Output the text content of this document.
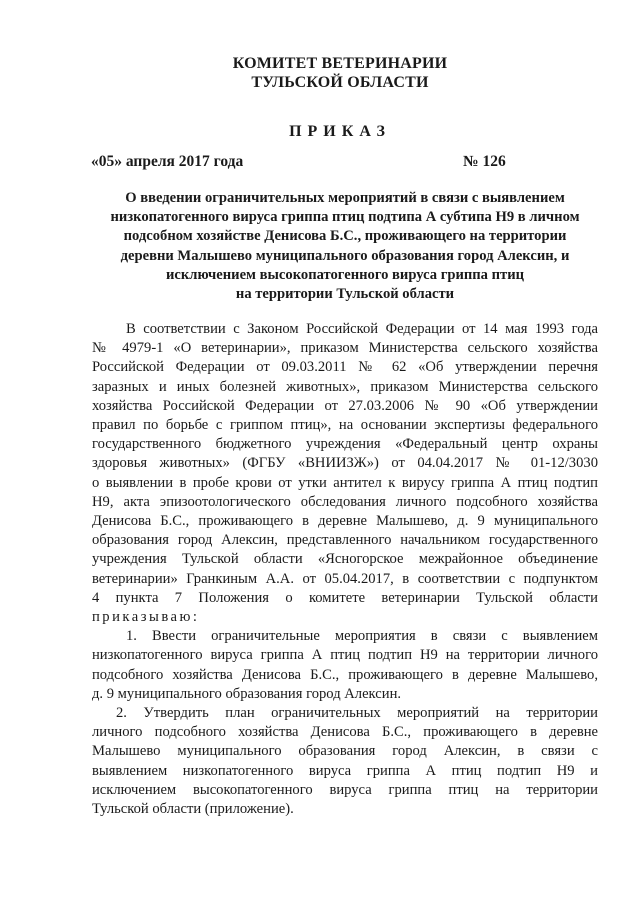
КОМИТЕТ ВЕТЕРИНАРИИ
ТУЛЬСКОЙ ОБЛАСТИ
ПРИКАЗ
«05» апреля 2017 года	№ 126
О введении ограничительных мероприятий в связи с выявлением
низкопатогенного вируса гриппа птиц подтипа А субтипа Н9 в личном
подсобном хозяйстве Денисова Б.С., проживающего на территории
деревни Малышево муниципального образования город Алексин, и
исключением высокопатогенного вируса гриппа птиц
на территории Тульской области

В соответствии с Законом Российской Федерации от 14 мая 1993 года
№ 4979-1 «О ветеринарии», приказом Министерства сельского хозяйства
Российской Федерации от 09.03.2011 № 62 «Об утверждении перечня
заразных и иных болезней животных», приказом Министерства сельского
хозяйства Российской Федерации от 27.03.2006 № 90 «Об утверждении
правил по борьбе с гриппом птиц», на основании экспертизы федерального
государственного бюджетного учреждения «Федеральный центр охраны
здоровья животных» (ФГБУ «ВНИИЗЖ») от 04.04.2017 № 01-12/3030
о выявлении в пробе крови от утки антител к вирусу гриппа А птиц подтип
Н9, акта эпизоотологического обследования личного подсобного хозяйства
Денисова Б.С., проживающего в деревне Малышево, д. 9 муниципального
образования город Алексин, представленного начальником государственного
учреждения Тульской области «Ясногорское межрайонное объединение
ветеринарии» Гранкиным А.А. от 05.04.2017, в соответствии с подпунктом
4 пункта 7 Положения о комитете ветеринарии Тульской области
приказываю:

1. Ввести ограничительные мероприятия в связи с выявлением
низкопатогенного вируса гриппа А птиц подтип Н9 на территории личного
подсобного хозяйства Денисова Б.С., проживающего в деревне Малышево,
д. 9 муниципального образования город Алексин.

2. Утвердить план ограничительных мероприятий на территории
личного подсобного хозяйства Денисова Б.С., проживающего в деревне
Малышево муниципального образования город Алексин, в связи с
выявлением низкопатогенного вируса гриппа А птиц подтип Н9 и
исключением высокопатогенного вируса гриппа птиц на территории
Тульской области (приложение).
